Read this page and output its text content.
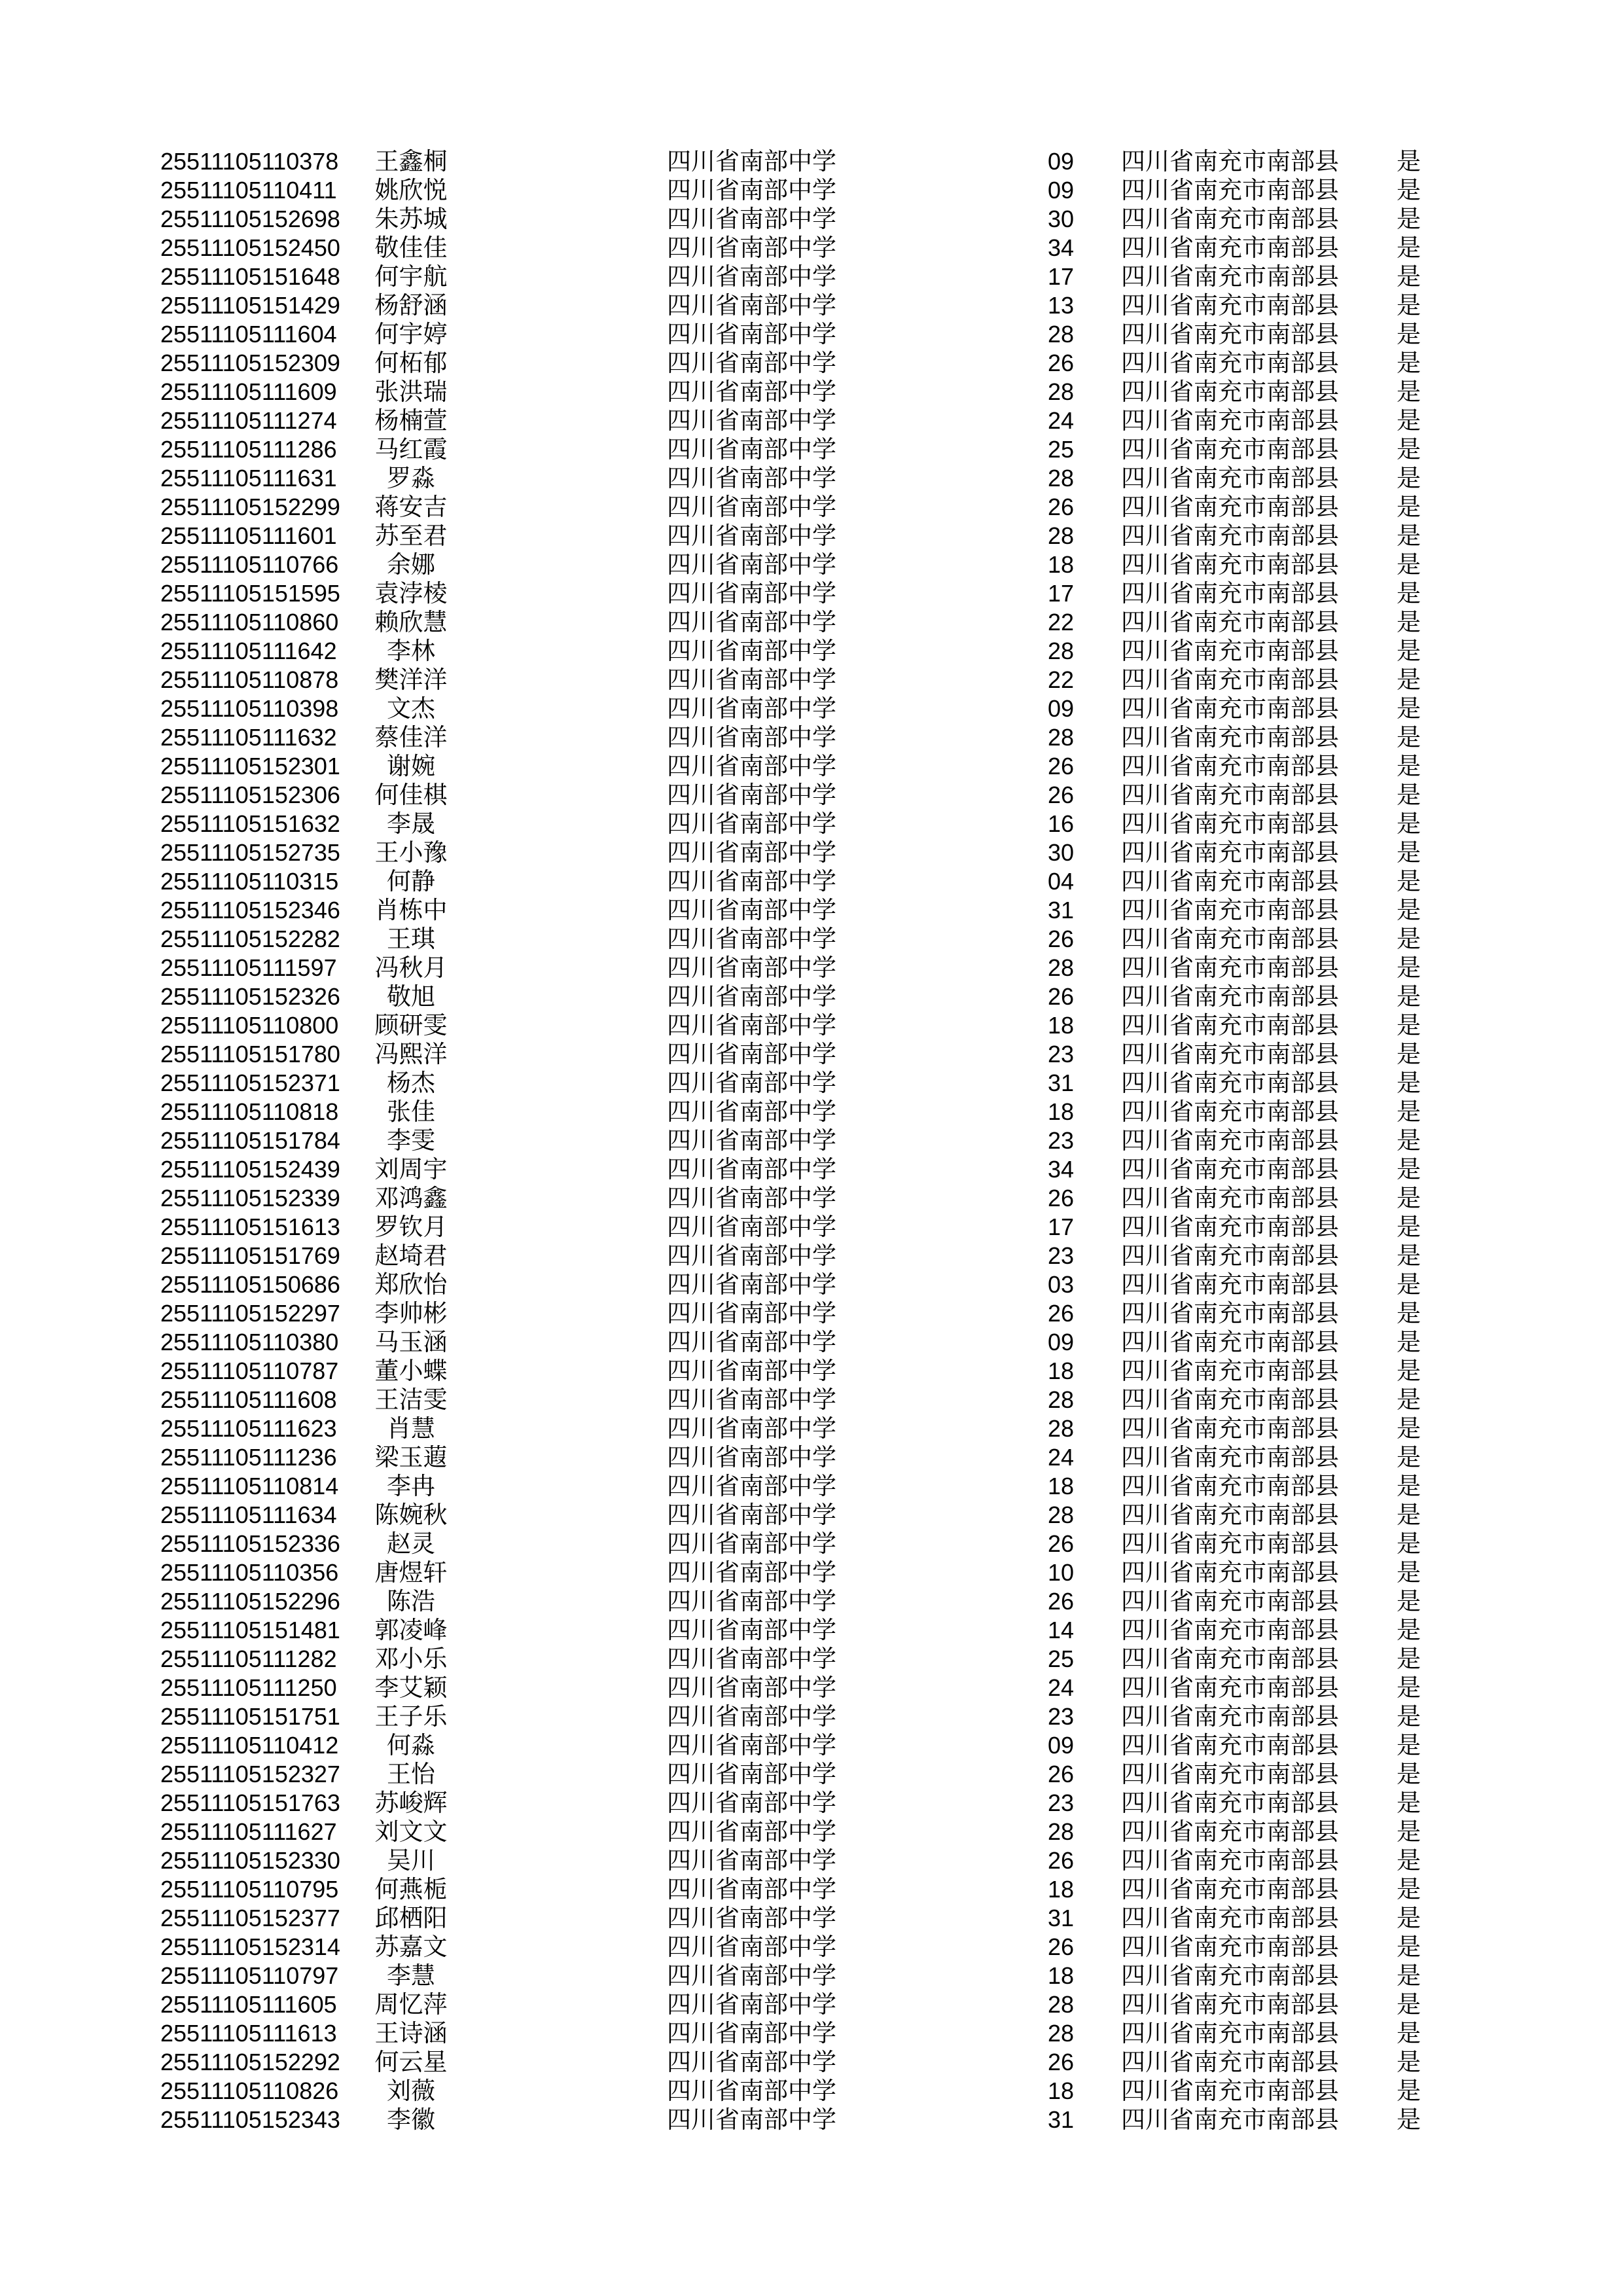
25511105110378	王鑫桐	四川省南部中学	09	四川省南充市南部县	是
25511105110411	姚欣悦	四川省南部中学	09	四川省南充市南部县	是
25511105152698	朱苏城	四川省南部中学	30	四川省南充市南部县	是
25511105152450	敬佳佳	四川省南部中学	34	四川省南充市南部县	是
25511105151648	何宇航	四川省南部中学	17	四川省南充市南部县	是
25511105151429	杨舒涵	四川省南部中学	13	四川省南充市南部县	是
25511105111604	何宇婷	四川省南部中学	28	四川省南充市南部县	是
25511105152309	何柘郁	四川省南部中学	26	四川省南充市南部县	是
25511105111609	张洪瑞	四川省南部中学	28	四川省南充市南部县	是
25511105111274	杨楠萱	四川省南部中学	24	四川省南充市南部县	是
25511105111286	马红霞	四川省南部中学	25	四川省南充市南部县	是
25511105111631	罗淼	四川省南部中学	28	四川省南充市南部县	是
25511105152299	蒋安吉	四川省南部中学	26	四川省南充市南部县	是
25511105111601	苏至君	四川省南部中学	28	四川省南充市南部县	是
25511105110766	余娜	四川省南部中学	18	四川省南充市南部县	是
25511105151595	袁浡棱	四川省南部中学	17	四川省南充市南部县	是
25511105110860	赖欣慧	四川省南部中学	22	四川省南充市南部县	是
25511105111642	李林	四川省南部中学	28	四川省南充市南部县	是
25511105110878	樊洋洋	四川省南部中学	22	四川省南充市南部县	是
25511105110398	文杰	四川省南部中学	09	四川省南充市南部县	是
25511105111632	蔡佳洋	四川省南部中学	28	四川省南充市南部县	是
25511105152301	谢婉	四川省南部中学	26	四川省南充市南部县	是
25511105152306	何佳棋	四川省南部中学	26	四川省南充市南部县	是
25511105151632	李晟	四川省南部中学	16	四川省南充市南部县	是
25511105152735	王小豫	四川省南部中学	30	四川省南充市南部县	是
25511105110315	何静	四川省南部中学	04	四川省南充市南部县	是
25511105152346	肖栋中	四川省南部中学	31	四川省南充市南部县	是
25511105152282	王琪	四川省南部中学	26	四川省南充市南部县	是
25511105111597	冯秋月	四川省南部中学	28	四川省南充市南部县	是
25511105152326	敬旭	四川省南部中学	26	四川省南充市南部县	是
25511105110800	顾研雯	四川省南部中学	18	四川省南充市南部县	是
25511105151780	冯熙洋	四川省南部中学	23	四川省南充市南部县	是
25511105152371	杨杰	四川省南部中学	31	四川省南充市南部县	是
25511105110818	张佳	四川省南部中学	18	四川省南充市南部县	是
25511105151784	李雯	四川省南部中学	23	四川省南充市南部县	是
25511105152439	刘周宇	四川省南部中学	34	四川省南充市南部县	是
25511105152339	邓鸿鑫	四川省南部中学	26	四川省南充市南部县	是
25511105151613	罗钦月	四川省南部中学	17	四川省南充市南部县	是
25511105151769	赵埼君	四川省南部中学	23	四川省南充市南部县	是
25511105150686	郑欣怡	四川省南部中学	03	四川省南充市南部县	是
25511105152297	李帅彬	四川省南部中学	26	四川省南充市南部县	是
25511105110380	马玉涵	四川省南部中学	09	四川省南充市南部县	是
25511105110787	董小蝶	四川省南部中学	18	四川省南充市南部县	是
25511105111608	王洁雯	四川省南部中学	28	四川省南充市南部县	是
25511105111623	肖慧	四川省南部中学	28	四川省南充市南部县	是
25511105111236	梁玉蕸	四川省南部中学	24	四川省南充市南部县	是
25511105110814	李冉	四川省南部中学	18	四川省南充市南部县	是
25511105111634	陈婉秋	四川省南部中学	28	四川省南充市南部县	是
25511105152336	赵灵	四川省南部中学	26	四川省南充市南部县	是
25511105110356	唐煜轩	四川省南部中学	10	四川省南充市南部县	是
25511105152296	陈浩	四川省南部中学	26	四川省南充市南部县	是
25511105151481	郭凌峰	四川省南部中学	14	四川省南充市南部县	是
25511105111282	邓小乐	四川省南部中学	25	四川省南充市南部县	是
25511105111250	李艾颖	四川省南部中学	24	四川省南充市南部县	是
25511105151751	王子乐	四川省南部中学	23	四川省南充市南部县	是
25511105110412	何淼	四川省南部中学	09	四川省南充市南部县	是
25511105152327	王怡	四川省南部中学	26	四川省南充市南部县	是
25511105151763	苏峻辉	四川省南部中学	23	四川省南充市南部县	是
25511105111627	刘文文	四川省南部中学	28	四川省南充市南部县	是
25511105152330	吴川	四川省南部中学	26	四川省南充市南部县	是
25511105110795	何燕栀	四川省南部中学	18	四川省南充市南部县	是
25511105152377	邱栖阳	四川省南部中学	31	四川省南充市南部县	是
25511105152314	苏嘉文	四川省南部中学	26	四川省南充市南部县	是
25511105110797	李慧	四川省南部中学	18	四川省南充市南部县	是
25511105111605	周忆萍	四川省南部中学	28	四川省南充市南部县	是
25511105111613	王诗涵	四川省南部中学	28	四川省南充市南部县	是
25511105152292	何云星	四川省南部中学	26	四川省南充市南部县	是
25511105110826	刘薇	四川省南部中学	18	四川省南充市南部县	是
25511105152343	李徽	四川省南部中学	31	四川省南充市南部县	是
